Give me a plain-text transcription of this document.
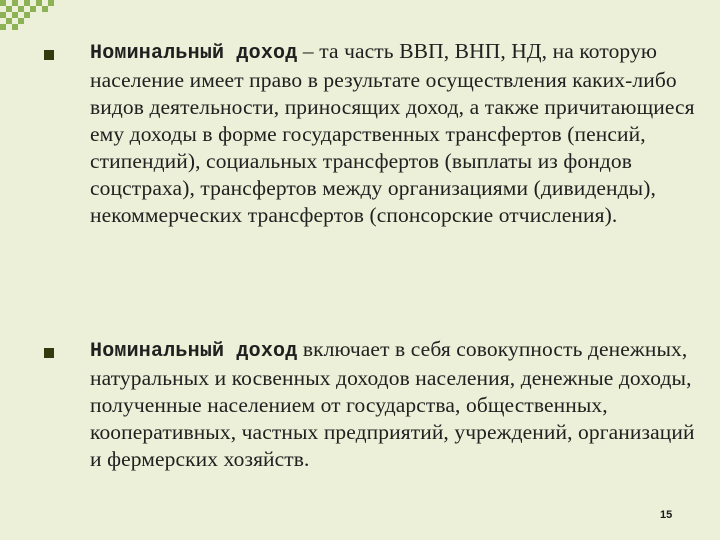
Номинальный доход – та часть ВВП, ВНП, НД, на которую население имеет право в результате осуществления каких-либо видов деятельности, приносящих доход, а также причитающиеся ему доходы в форме государственных трансфертов (пенсий, стипендий), социальных трансфертов (выплаты из фондов соцстраха), трансфертов между организациями (дивиденды), некоммерческих трансфертов (спонсорские отчисления).
Номинальный доход включает в себя совокупность денежных, натуральных и косвенных доходов населения, денежные доходы, полученные населением от государства, общественных, кооперативных, частных предприятий, учреждений, организаций и фермерских хозяйств.
15
